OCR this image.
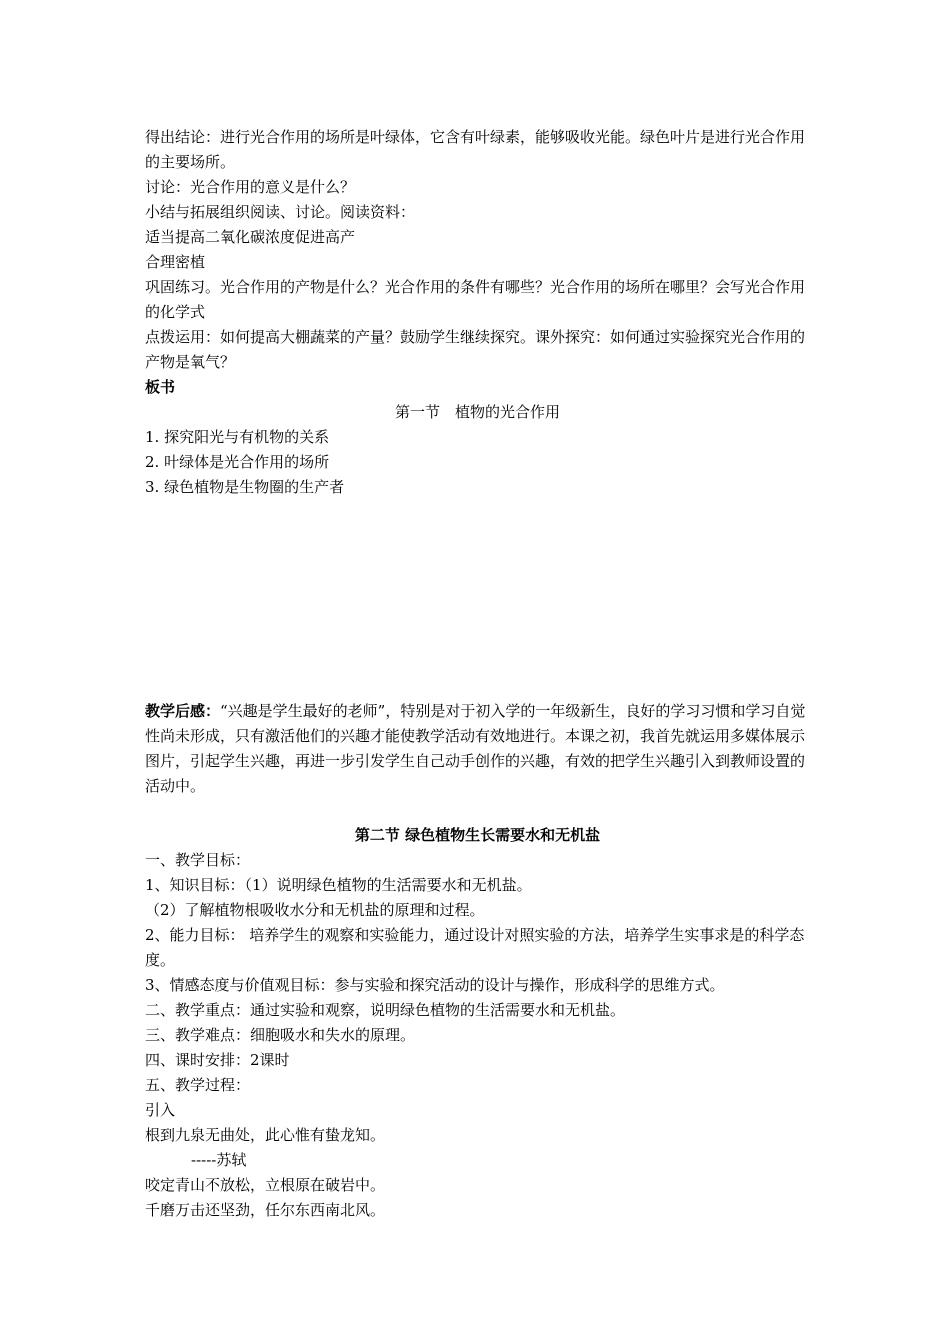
得出结论：进行光合作用的场所是叶绿体，它含有叶绿素，能够吸收光能。绿色叶片是进行光合作用的主要场所。
讨论：光合作用的意义是什么？
小结与拓展组织阅读、讨论。阅读资料：
适当提高二氧化碳浓度促进高产
合理密植
巩固练习。光合作用的产物是什么？光合作用的条件有哪些？光合作用的场所在哪里？会写光合作用的化学式
点拨运用：如何提高大棚蔬菜的产量？鼓励学生继续探究。课外探究：如何通过实验探究光合作用的产物是氧气？
板书
第一节　植物的光合作用
1. 探究阳光与有机物的关系
2. 叶绿体是光合作用的场所
3. 绿色植物是生物圈的生产者
教学后感：“兴趣是学生最好的老师”，特别是对于初入学的一年级新生，良好的学习习惯和学习自觉性尚未形成，只有激活他们的兴趣才能使教学活动有效地进行。本课之初，我首先就运用多媒体展示图片，引起学生兴趣，再进一步引发学生自己动手创作的兴趣，有效的把学生兴趣引入到教师设置的活动中。
第二节 绿色植物生长需要水和无机盐
一、教学目标：
1、知识目标：（1）说明绿色植物的生活需要水和无机盐。
（2）了解植物根吸收水分和无机盐的原理和过程。
2、能力目标： 培养学生的观察和实验能力，通过设计对照实验的方法，培养学生实事求是的科学态度。
3、情感态度与价值观目标：参与实验和探究活动的设计与操作，形成科学的思维方式。
二、教学重点：通过实验和观察，说明绿色植物的生活需要水和无机盐。
三、教学难点：细胞吸水和失水的原理。
四、课时安排：2课时
五、教学过程：
引入
根到九泉无曲处，此心惟有蛰龙知。
-----苏轼
咬定青山不放松，立根原在破岩中。
千磨万击还坚劲，任尔东西南北风。
